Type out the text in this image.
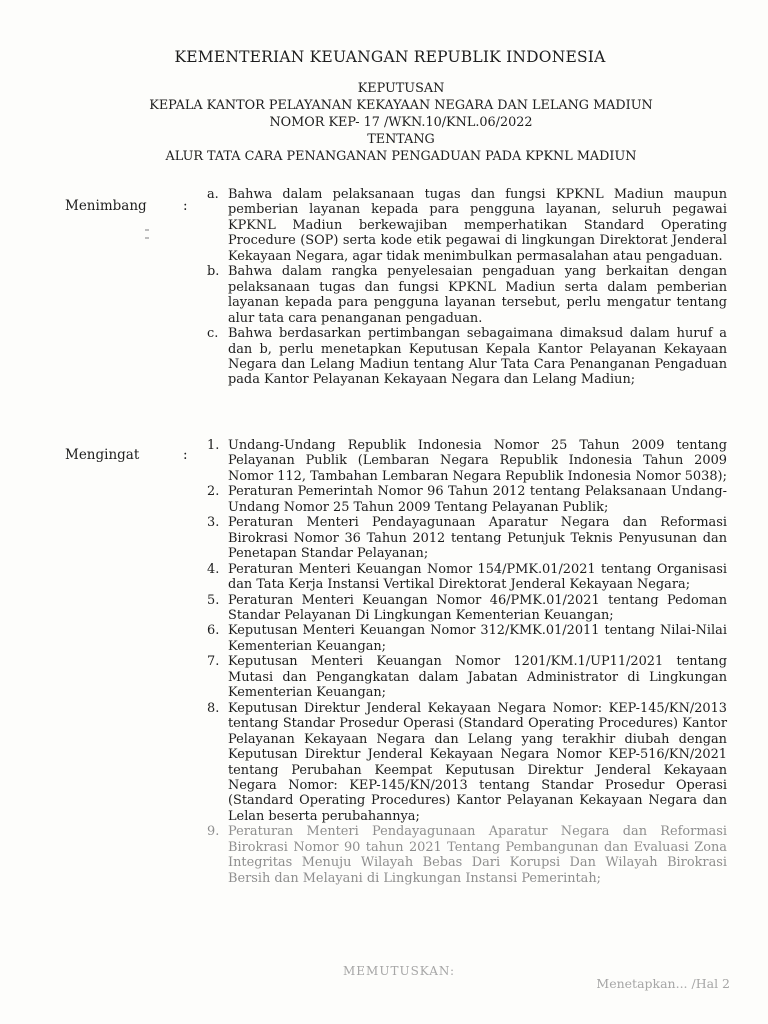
KEMENTERIAN KEUANGAN REPUBLIK INDONESIA
KEPUTUSAN
KEPALA KANTOR PELAYANAN KEKAYAAN NEGARA DAN LELANG MADIUN
NOMOR KEP- 17 /WKN.10/KNL.06/2022
TENTANG
ALUR TATA CARA PENANGANAN PENGADUAN PADA KPKNL MADIUN
Menimbang	:
a. Bahwa dalam pelaksanaan tugas dan fungsi KPKNL Madiun maupun pemberian layanan kepada para pengguna layanan, seluruh pegawai KPKNL Madiun berkewajiban memperhatikan Standard Operating Procedure (SOP) serta kode etik pegawai di lingkungan Direktorat Jenderal Kekayaan Negara, agar tidak menimbulkan permasalahan atau pengaduan.
b. Bahwa dalam rangka penyelesaian pengaduan yang berkaitan dengan pelaksanaan tugas dan fungsi KPKNL Madiun serta dalam pemberian layanan kepada para pengguna layanan tersebut, perlu mengatur tentang alur tata cara penanganan pengaduan.
c. Bahwa berdasarkan pertimbangan sebagaimana dimaksud dalam huruf a dan b, perlu menetapkan Keputusan Kepala Kantor Pelayanan Kekayaan Negara dan Lelang Madiun tentang Alur Tata Cara Penanganan Pengaduan pada Kantor Pelayanan Kekayaan Negara dan Lelang Madiun;
Mengingat	:
1. Undang-Undang Republik Indonesia Nomor 25 Tahun 2009 tentang Pelayanan Publik (Lembaran Negara Republik Indonesia Tahun 2009 Nomor 112, Tambahan Lembaran Negara Republik Indonesia Nomor 5038);
2. Peraturan Pemerintah Nomor 96 Tahun 2012 tentang Pelaksanaan Undang-Undang Nomor 25 Tahun 2009 Tentang Pelayanan Publik;
3. Peraturan Menteri Pendayagunaan Aparatur Negara dan Reformasi Birokrasi Nomor 36 Tahun 2012 tentang Petunjuk Teknis Penyusunan dan Penetapan Standar Pelayanan;
4. Peraturan Menteri Keuangan Nomor 154/PMK.01/2021 tentang Organisasi dan Tata Kerja Instansi Vertikal Direktorat Jenderal Kekayaan Negara;
5. Peraturan Menteri Keuangan Nomor 46/PMK.01/2021 tentang Pedoman Standar Pelayanan Di Lingkungan Kementerian Keuangan;
6. Keputusan Menteri Keuangan Nomor 312/KMK.01/2011 tentang Nilai-Nilai Kementerian Keuangan;
7. Keputusan Menteri Keuangan Nomor 1201/KM.1/UP11/2021 tentang Mutasi dan Pengangkatan dalam Jabatan Administrator di Lingkungan Kementerian Keuangan;
8. Keputusan Direktur Jenderal Kekayaan Negara Nomor: KEP-145/KN/2013 tentang Standar Prosedur Operasi (Standard Operating Procedures) Kantor Pelayanan Kekayaan Negara dan Lelang yang terakhir diubah dengan Keputusan Direktur Jenderal Kekayaan Negara Nomor KEP-516/KN/2021 tentang Perubahan Keempat Keputusan Direktur Jenderal Kekayaan Negara Nomor: KEP-145/KN/2013 tentang Standar Prosedur Operasi (Standard Operating Procedures) Kantor Pelayanan Kekayaan Negara dan Lelan beserta perubahannya;
9. Peraturan Menteri Pendayagunaan Aparatur Negara dan Reformasi Birokrasi Nomor 90 tahun 2021 Tentang Pembangunan dan Evaluasi Zona Integritas Menuju Wilayah Bebas Dari Korupsi Dan Wilayah Birokrasi Bersih dan Melayani di Lingkungan Instansi Pemerintah;
MEMUTUSKAN:
Menetapkan... /Hal 2
